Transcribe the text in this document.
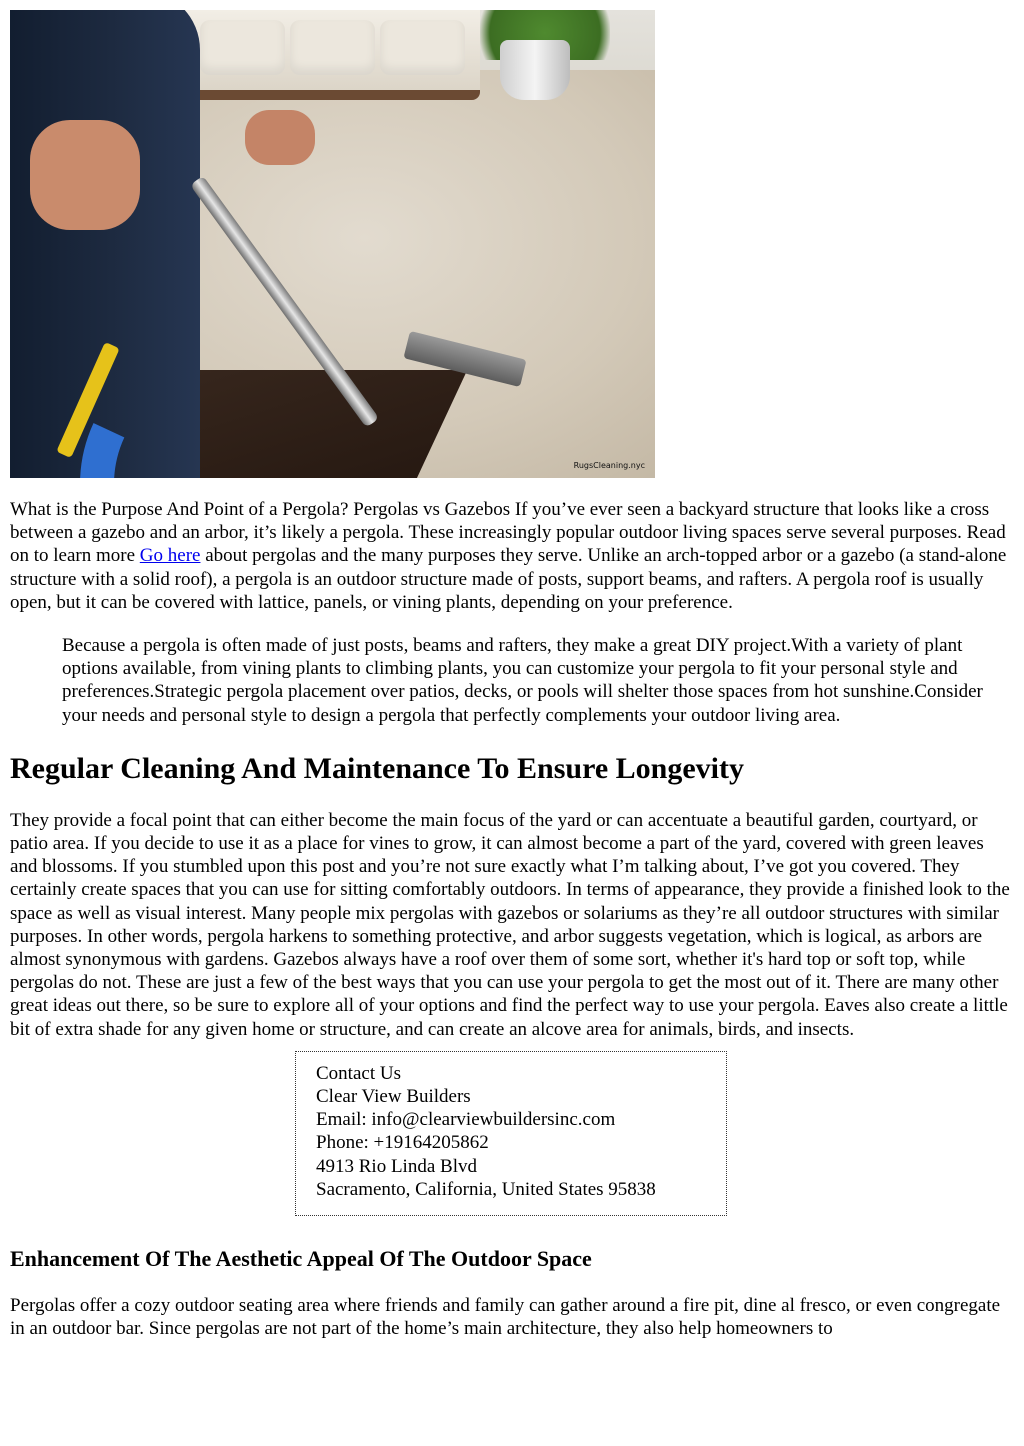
RugsCleaning.nyc

What is the Purpose And Point of a Pergola? Pergolas vs Gazebos If you’ve ever seen a backyard structure that looks like a cross between a gazebo and an arbor, it’s likely a pergola. These increasingly popular outdoor living spaces serve several purposes. Read on to learn more Go here about pergolas and the many purposes they serve. Unlike an arch-topped arbor or a gazebo (a stand-alone structure with a solid roof), a pergola is an outdoor structure made of posts, support beams, and rafters. A pergola roof is usually open, but it can be covered with lattice, panels, or vining plants, depending on your preference.

Because a pergola is often made of just posts, beams and rafters, they make a great DIY project.With a variety of plant options available, from vining plants to climbing plants, you can customize your pergola to fit your personal style and preferences.Strategic pergola placement over patios, decks, or pools will shelter those spaces from hot sunshine.Consider your needs and personal style to design a pergola that perfectly complements your outdoor living area.
Regular Cleaning And Maintenance To Ensure Longevity

They provide a focal point that can either become the main focus of the yard or can accentuate a beautiful garden, courtyard, or patio area. If you decide to use it as a place for vines to grow, it can almost become a part of the yard, covered with green leaves and blossoms. If you stumbled upon this post and you’re not sure exactly what I’m talking about, I’ve got you covered. They certainly create spaces that you can use for sitting comfortably outdoors. In terms of appearance, they provide a finished look to the space as well as visual interest. Many people mix pergolas with gazebos or solariums as they’re all outdoor structures with similar purposes. In other words, pergola harkens to something protective, and arbor suggests vegetation, which is logical, as arbors are almost synonymous with gardens. Gazebos always have a roof over them of some sort, whether it's hard top or soft top, while pergolas do not. These are just a few of the best ways that you can use your pergola to get the most out of it. There are many other great ideas out there, so be sure to explore all of your options and find the perfect way to use your pergola. Eaves also create a little bit of extra shade for any given home or structure, and can create an alcove area for animals, birds, and insects.

Contact Us
Clear View Builders
Email: info@clearviewbuildersinc.com
Phone: +19164205862
4913 Rio Linda Blvd
Sacramento, California, United States 95838
Enhancement Of The Aesthetic Appeal Of The Outdoor Space

Pergolas offer a cozy outdoor seating area where friends and family can gather around a fire pit, dine al fresco, or even congregate in an outdoor bar. Since pergolas are not part of the home’s main architecture, they also help homeowners to
